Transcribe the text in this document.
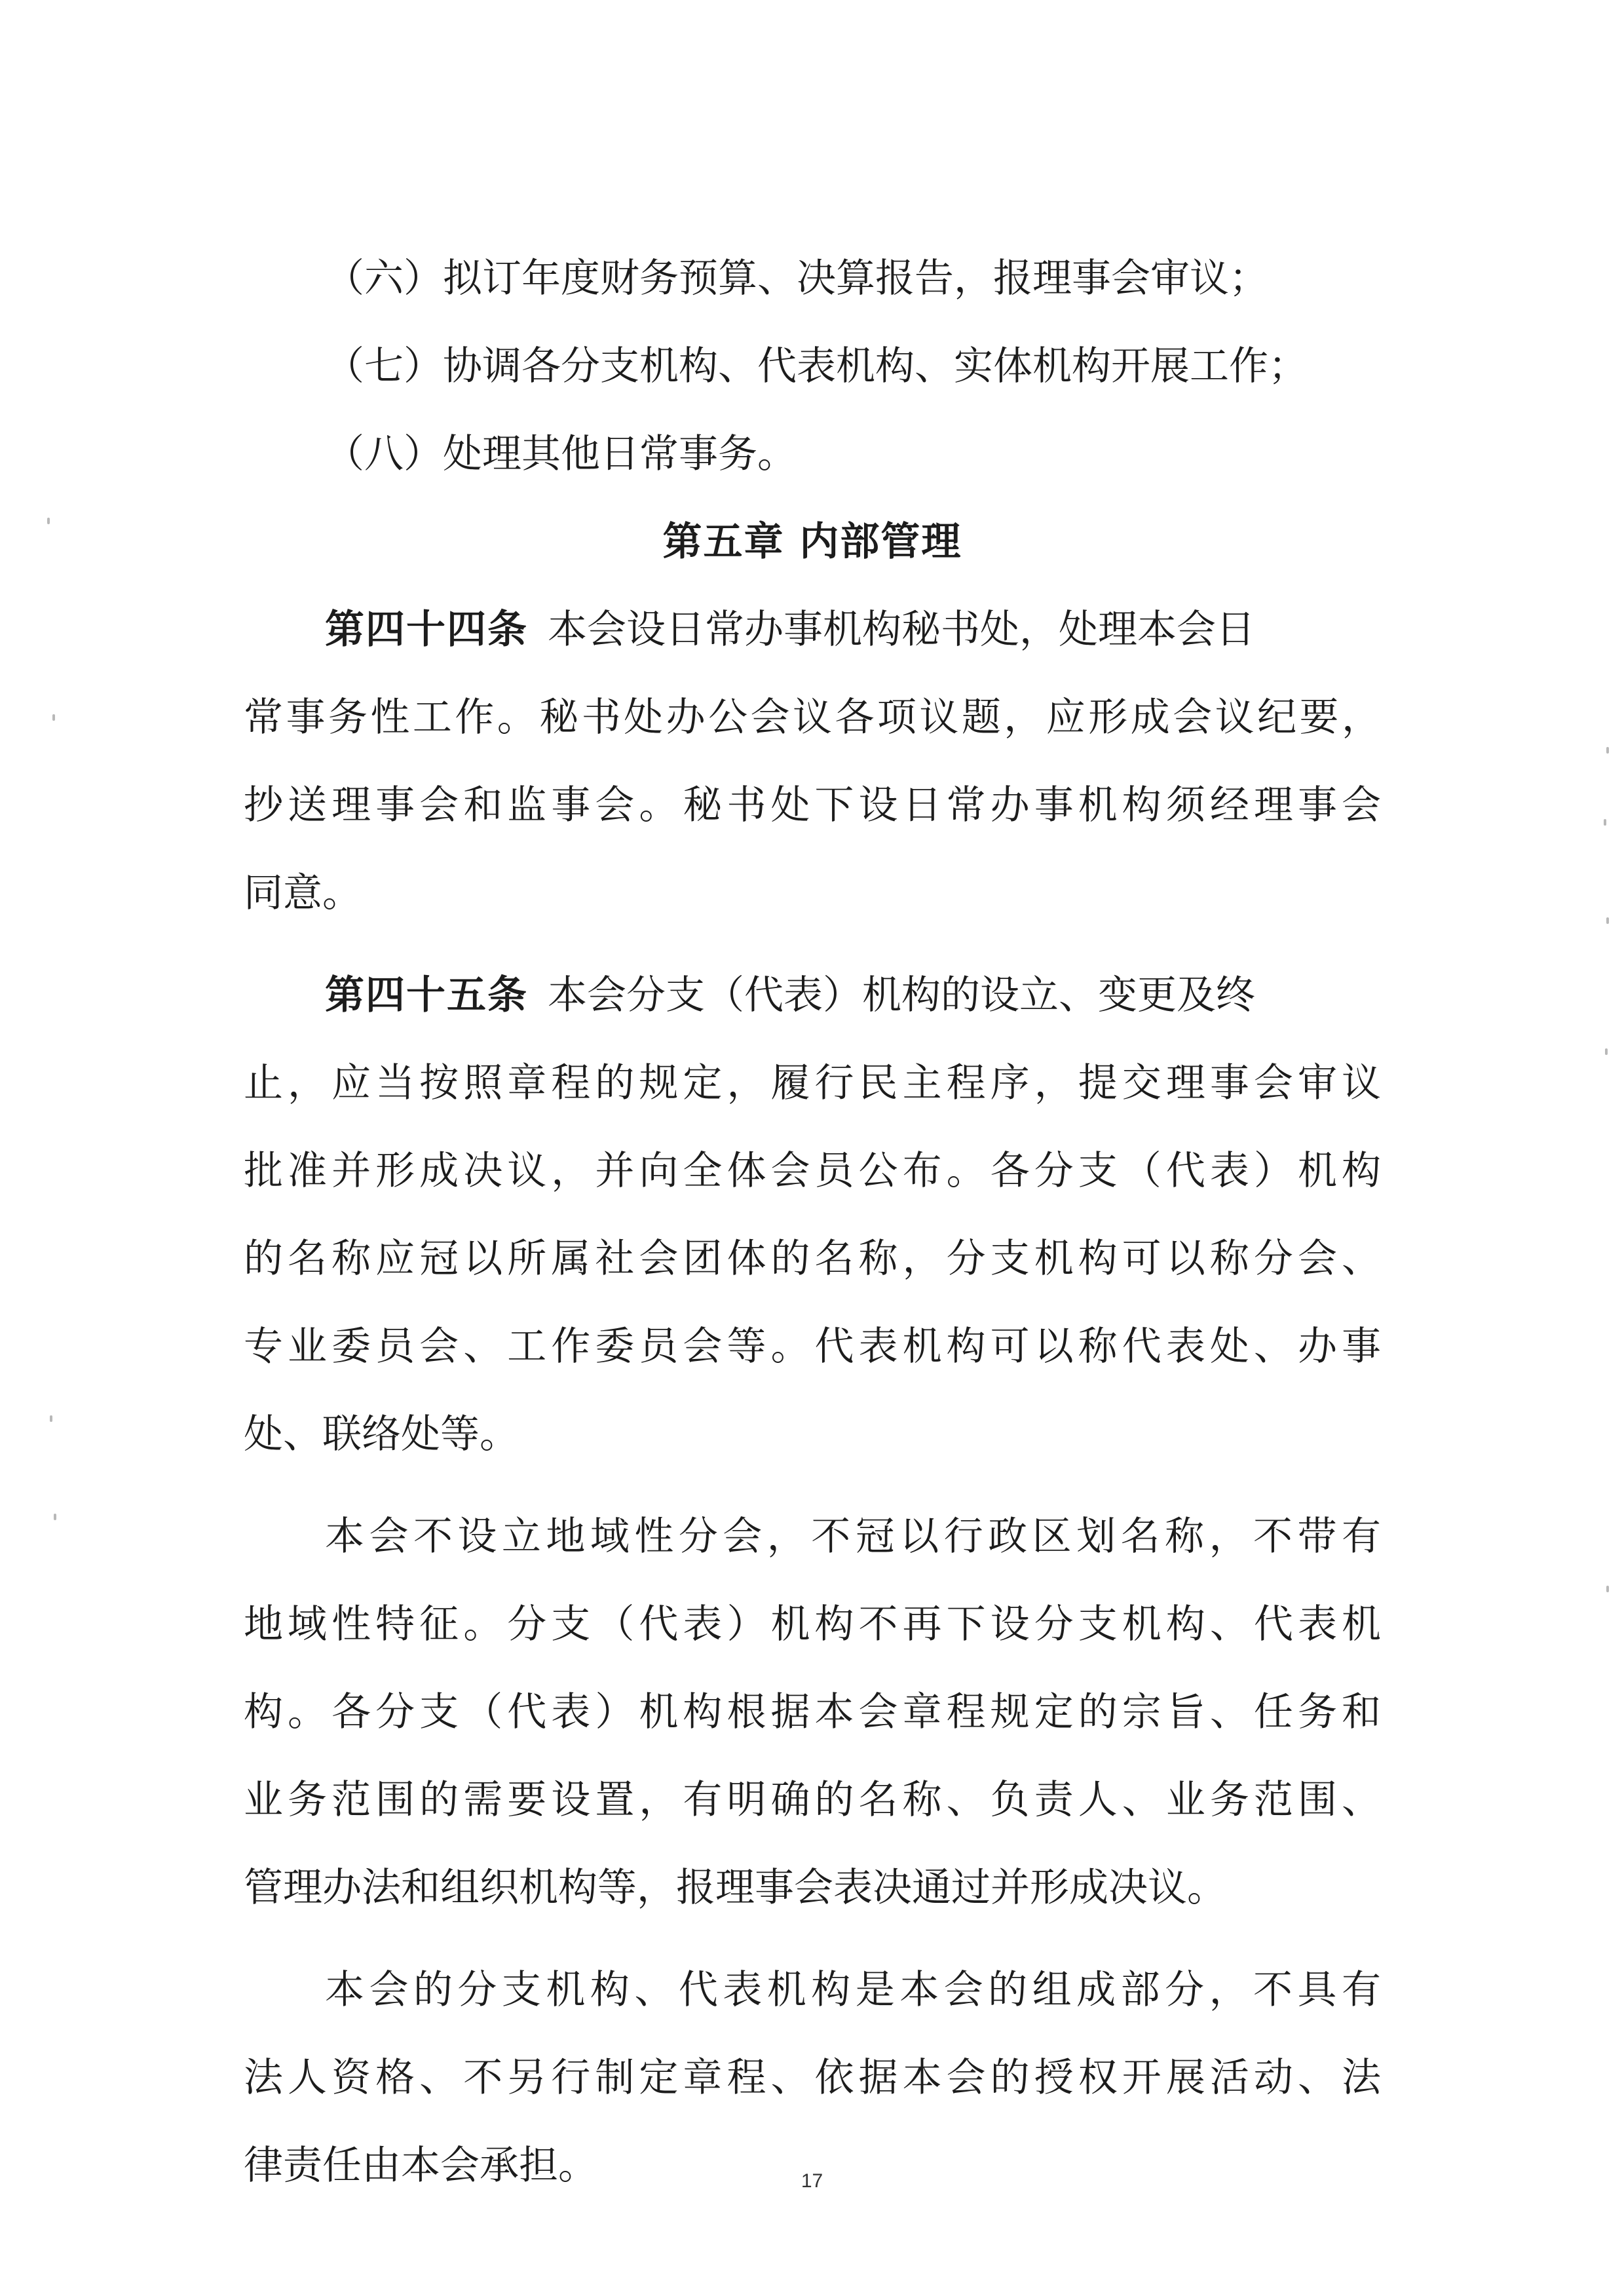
（六）拟订年度财务预算、决算报告，报理事会审议；
（七）协调各分支机构、代表机构、实体机构开展工作；
（八）处理其他日常事务。
第五章 内部管理
第四十四条 本会设日常办事机构秘书处，处理本会日
常事务性工作。秘书处办公会议各项议题，应形成会议纪要，
抄送理事会和监事会。秘书处下设日常办事机构须经理事会
同意。
第四十五条 本会分支（代表）机构的设立、变更及终
止，应当按照章程的规定，履行民主程序，提交理事会审议
批准并形成决议，并向全体会员公布。各分支（代表）机构
的名称应冠以所属社会团体的名称，分支机构可以称分会、
专业委员会、工作委员会等。代表机构可以称代表处、办事
处、联络处等。
本会不设立地域性分会，不冠以行政区划名称，不带有
地域性特征。分支（代表）机构不再下设分支机构、代表机
构。各分支（代表）机构根据本会章程规定的宗旨、任务和
业务范围的需要设置，有明确的名称、负责人、业务范围、
管理办法和组织机构等，报理事会表决通过并形成决议。
本会的分支机构、代表机构是本会的组成部分，不具有
法人资格、不另行制定章程、依据本会的授权开展活动、法
律责任由本会承担。	17
